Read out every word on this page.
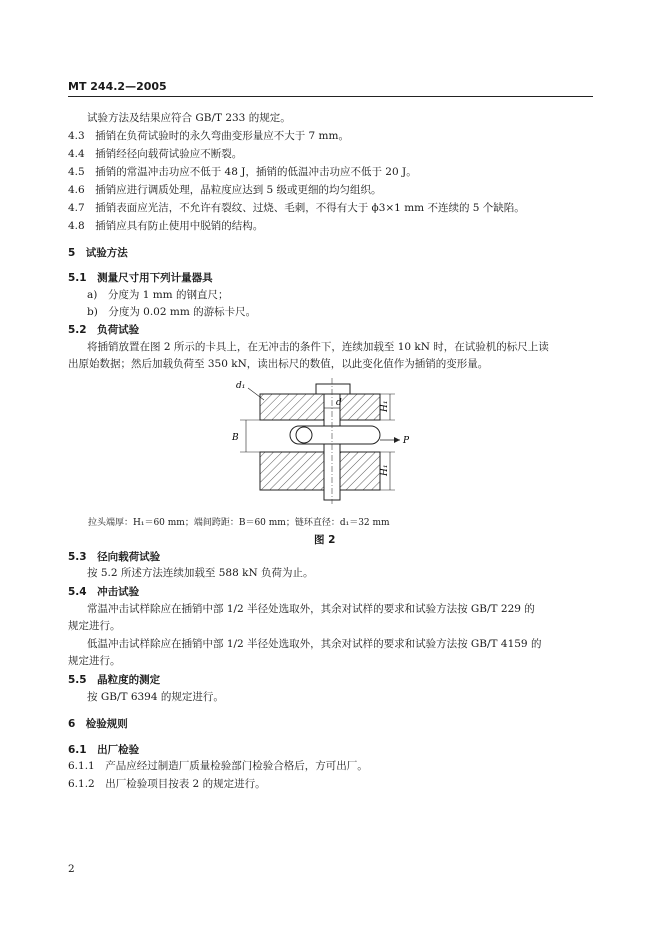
MT 244.2—2005
试验方法及结果应符合 GB/T 233 的规定。
4.3　插销在负荷试验时的永久弯曲变形量应不大于 7 mm。
4.4　插销经径向载荷试验应不断裂。
4.5　插销的常温冲击功应不低于 48 J，插销的低温冲击功应不低于 20 J。
4.6　插销应进行调质处理，晶粒度应达到 5 级或更细的均匀组织。
4.7　插销表面应光洁，不允许有裂纹、过烧、毛刺，不得有大于 ϕ3×1 mm 不连续的 5 个缺陷。
4.8　插销应具有防止使用中脱销的结构。
5　试验方法
5.1　测量尺寸用下列计量器具
a)　分度为 1 mm 的钢直尺；
b)　分度为 0.02 mm 的游标卡尺。
5.2　负荷试验
将插销放置在图 2 所示的卡具上，在无冲击的条件下，连续加载至 10 kN 时，在试验机的标尺上读
出原始数据；然后加载负荷至 350 kN，读出标尺的数值，以此变化值作为插销的变形量。
d
d₁
H₁
H₁
B	P
拉头端厚：H₁＝60 mm；端间跨距：B＝60 mm；链环直径：d₁＝32 mm
图 2
5.3　径向载荷试验
按 5.2 所述方法连续加载至 588 kN 负荷为止。
5.4　冲击试验
常温冲击试样除应在插销中部 1/2 半径处选取外，其余对试样的要求和试验方法按 GB/T 229 的
规定进行。
低温冲击试样除应在插销中部 1/2 半径处选取外，其余对试样的要求和试验方法按 GB/T 4159 的
规定进行。
5.5　晶粒度的测定
按 GB/T 6394 的规定进行。
6　检验规则
6.1　出厂检验
6.1.1　产品应经过制造厂质量检验部门检验合格后，方可出厂。
6.1.2　出厂检验项目按表 2 的规定进行。
2
